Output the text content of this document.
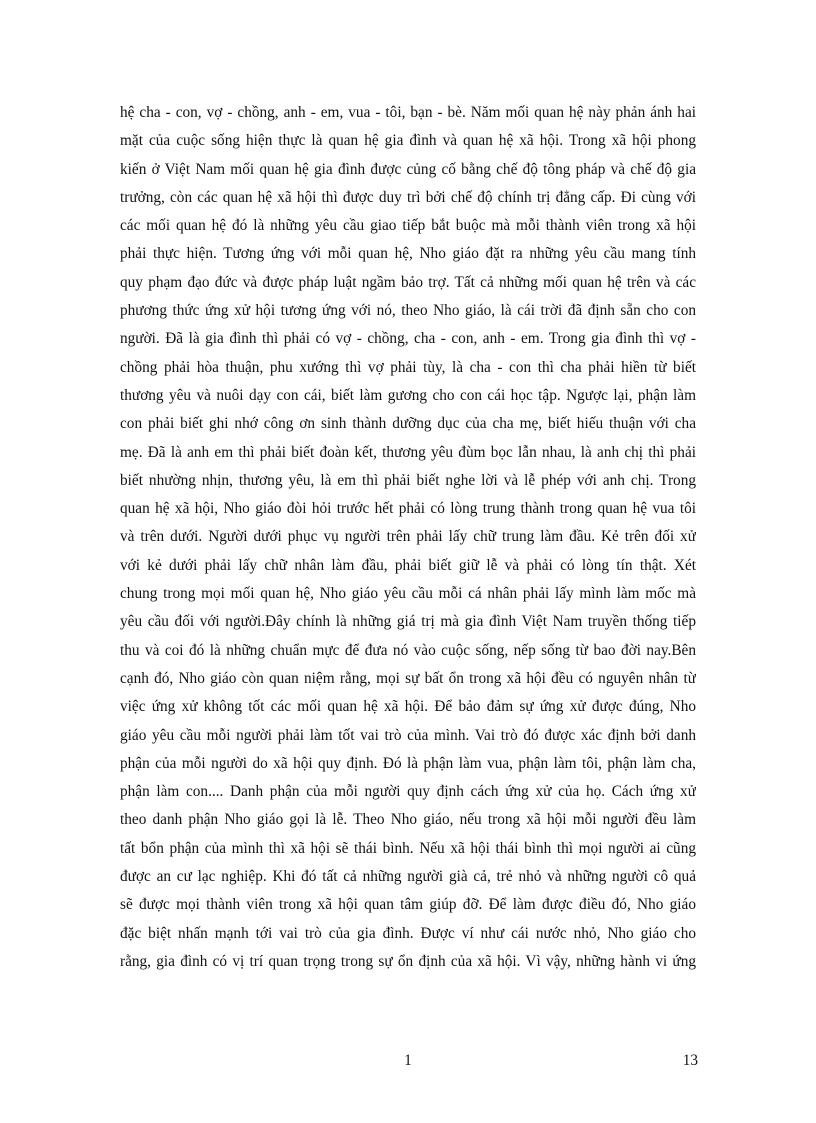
hệ cha - con, vợ - chồng, anh - em, vua - tôi, bạn - bè. Năm mối quan hệ này phản ánh hai
mặt của cuộc sống hiện thực là quan hệ gia đình và quan hệ xã hội. Trong xã hội phong
kiến ở Việt Nam mối quan hệ gia đình được củng cố bằng chế độ tông pháp và chế độ gia
trưởng, còn các quan hệ xã hội thì được duy trì bởi chế độ chính trị đẳng cấp. Đi cùng với
các mối quan hệ đó là những yêu cầu giao tiếp bắt buộc mà mỗi thành viên trong xã hội
phải thực hiện. Tương ứng với mỗi quan hệ, Nho giáo đặt ra những yêu cầu mang tính
quy phạm đạo đức và được pháp luật ngầm bảo trợ. Tất cả những mối quan hệ trên và các
phương thức ứng xử hội tương ứng với nó, theo Nho giáo, là cái trời đã định sẵn cho con
người. Đã là gia đình thì phải có vợ - chồng, cha - con, anh - em. Trong gia đình thì vợ -
chồng phải hòa thuận, phu xướng thì vợ phải tùy, là cha - con thì cha phải hiền từ biết
thương yêu và nuôi dạy con cái, biết làm gương cho con cái học tập. Ngược lại, phận làm
con phải biết ghi nhớ công ơn sinh thành dưỡng dục của cha mẹ, biết hiếu thuận với cha
mẹ. Đã là anh em thì phải biết đoàn kết, thương yêu đùm bọc lẫn nhau, là anh chị thì phải
biết nhường nhịn, thương yêu, là em thì phải biết nghe lời và lễ phép với anh chị. Trong
quan hệ xã hội, Nho giáo đòi hỏi trước hết phải có lòng trung thành trong quan hệ vua tôi
và trên dưới. Người dưới phục vụ người trên phải lấy chữ trung làm đầu. Kẻ trên đối xử
với kẻ dưới phải lấy chữ nhân làm đầu, phải biết giữ lễ và phải có lòng tín thật. Xét
chung trong mọi mối quan hệ, Nho giáo yêu cầu mỗi cá nhân phải lấy mình làm mốc mà
yêu cầu đối với người.Đây chính là những giá trị mà gia đình Việt Nam truyền thống tiếp
thu và coi đó là những chuẩn mực để đưa nó vào cuộc sống, nếp sống từ bao đời nay.Bên
cạnh đó, Nho giáo còn quan niệm rằng, mọi sự bất ổn trong xã hội đều có nguyên nhân từ
việc ứng xử không tốt các mối quan hệ xã hội. Để bảo đảm sự ứng xử được đúng, Nho
giáo yêu cầu mỗi người phải làm tốt vai trò của mình. Vai trò đó được xác định bởi danh
phận của mỗi người do xã hội quy định. Đó là phận làm vua, phận làm tôi, phận làm cha,
phận làm con.... Danh phận của mỗi người quy định cách ứng xử của họ. Cách ứng xử
theo danh phận Nho giáo gọi là lễ. Theo Nho giáo, nếu trong xã hội mỗi người đều làm
tất bổn phận của mình thì xã hội sẽ thái bình. Nếu xã hội thái bình thì mọi người ai cũng
được an cư lạc nghiệp. Khi đó tất cả những người già cả, trẻ nhỏ và những người cô quả
sẽ được mọi thành viên trong xã hội quan tâm giúp đỡ. Để làm được điều đó, Nho giáo
đặc biệt nhấn mạnh tới vai trò của gia đình. Được ví như cái nước nhỏ, Nho giáo cho
rằng, gia đình có vị trí quan trọng trong sự ổn định của xã hội. Vì vậy, những hành vi ứng
1	13
